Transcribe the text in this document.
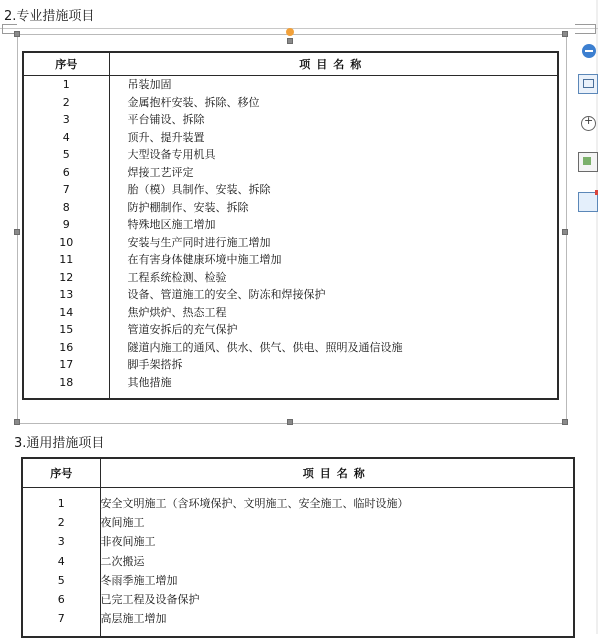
2.专业措施项目
序号	项目名称
1	吊装加固
2	金属抱杆安装、拆除、移位
3	平台铺设、拆除
4	顶升、提升装置
5	大型设备专用机具
6	焊接工艺评定
7	胎（模）具制作、安装、拆除
8	防护棚制作、安装、拆除
9	特殊地区施工增加
10	安装与生产同时进行施工增加
11	在有害身体健康环境中施工增加
12	工程系统检测、检验
13	设备、管道施工的安全、防冻和焊接保护
14	焦炉烘炉、热态工程
15	管道安拆后的充气保护
16	隧道内施工的通风、供水、供气、供电、照明及通信设施
17	脚手架搭拆
18	其他措施
3.通用措施项目
序号	项目名称
1	安全文明施工（含环境保护、文明施工、安全施工、临时设施）
2	夜间施工
3	非夜间施工
4	二次搬运
5	冬雨季施工增加
6	已完工程及设备保护
7	高层施工增加
+
